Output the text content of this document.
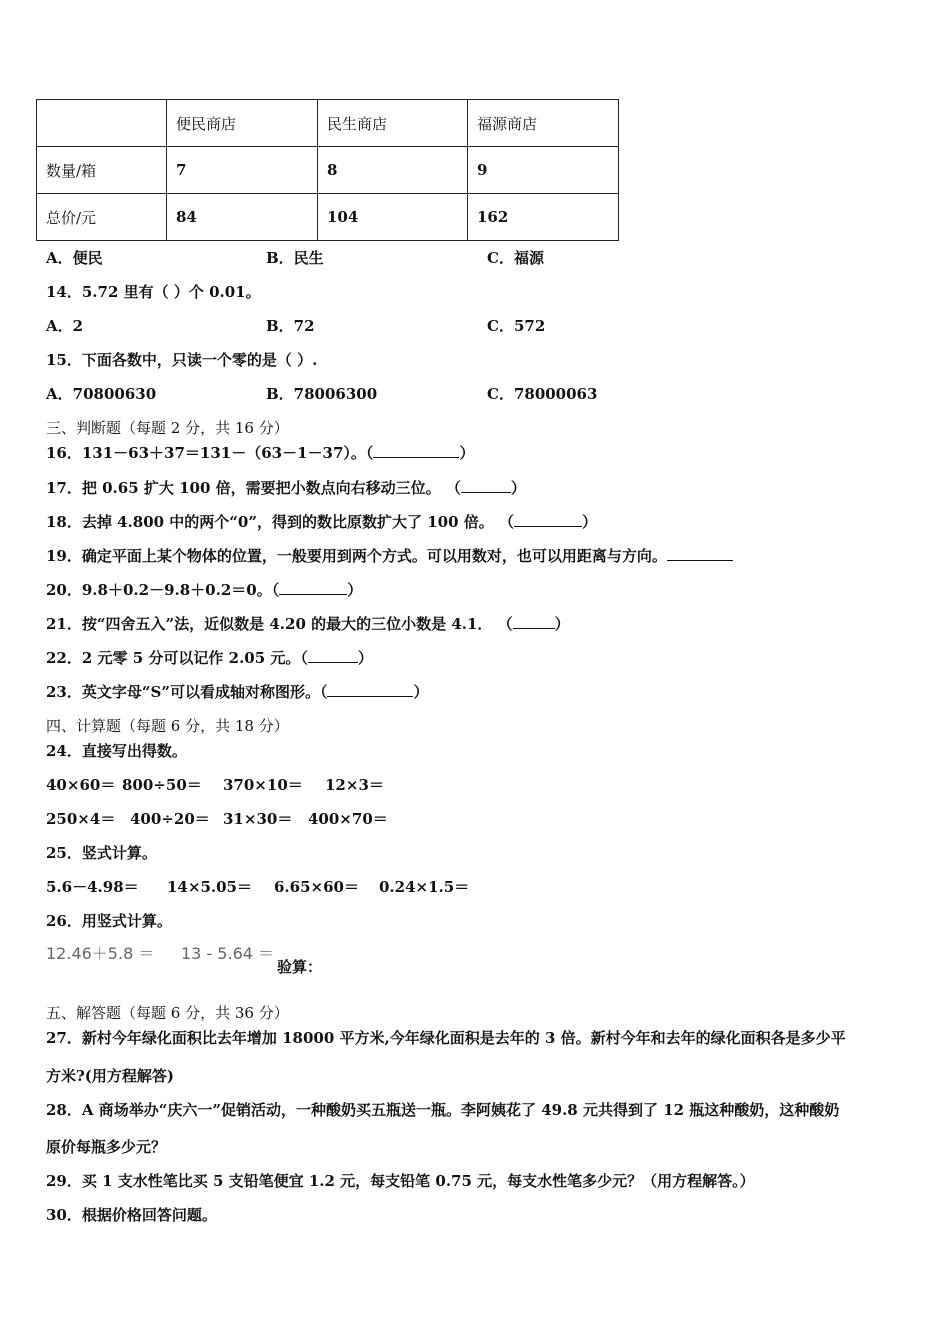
	便民商店	民生商店	福源商店
数量/箱	7	8	9
总价/元	84	104	162
A．便民	B．民生	C．福源
14．5.72 里有（ ）个 0.01。
A．2	B．72	C．572
15．下面各数中，只读一个零的是（ ）.
A．70800630	B．78006300	C．78000063
三、判断题（每题 2 分，共 16 分）
16．131－63＋37＝131－（63－1－37）。（	）
17．把 0.65 扩大 100 倍，需要把小数点向右移动三位。 （	）
18．去掉 4.800 中的两个“0”，得到的数比原数扩大了 100 倍。 （	）
19．确定平面上某个物体的位置，一般要用到两个方式。可以用数对，也可以用距离与方向。
20．9.8＋0.2－9.8＋0.2＝0。（	）
21．按“四舍五入”法，近似数是 4.20 的最大的三位小数是 4.1． （	）
22．2 元零 5 分可以记作 2.05 元。（	）
23．英文字母“S”可以看成轴对称图形。（	）
四、计算题（每题 6 分，共 18 分）
24．直接写出得数。
40×60＝ 800÷50＝ 370×10＝ 12×3＝
250×4＝ 400÷20＝ 31×30＝ 400×70＝
25．竖式计算。
5.6－4.98＝ 14×5.05＝ 6.65×60＝ 0.24×1.5＝
26．用竖式计算。
12.46＋5.8 ＝ 13 - 5.64 ＝
验算：
五、解答题（每题 6 分，共 36 分）
27．新村今年绿化面积比去年增加 18000 平方米,今年绿化面积是去年的 3 倍。新村今年和去年的绿化面积各是多少平
方米?(用方程解答)
28．A 商场举办“庆六一”促销活动，一种酸奶买五瓶送一瓶。李阿姨花了 49.8 元共得到了 12 瓶这种酸奶，这种酸奶
原价每瓶多少元？
29．买 1 支水性笔比买 5 支铅笔便宜 1.2 元，每支铅笔 0.75 元，每支水性笔多少元？（用方程解答。）
30．根据价格回答问题。
